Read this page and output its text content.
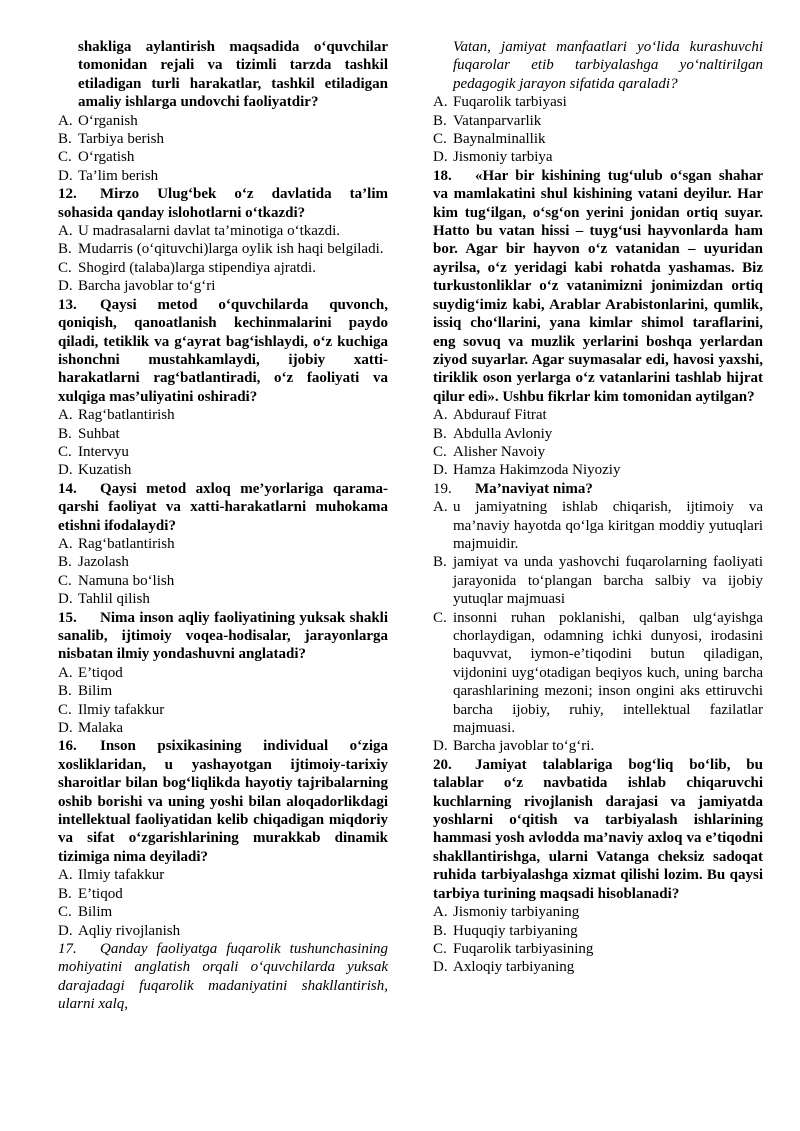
shakliga aylantirish maqsadida o‘quvchilar tomonidan rejali va tizimli tarzda tashkil etiladigan turli harakatlar, tashkil etiladigan amaliy ishlarga undovchi faoliyatdir?
A. O‘rganish
B. Tarbiya berish
C. O‘rgatish
D. Ta’lim berish
12. Mirzo Ulug‘bek o‘z davlatida ta’lim sohasida qanday islohotlarni o‘tkazdi?
A. U madrasalarni davlat ta’minotiga o‘tkazdi.
B. Mudarris (o‘qituvchi)larga oylik ish haqi belgiladi.
C. Shogird (talaba)larga stipendiya ajratdi.
D. Barcha javoblar to‘g‘ri
13. Qaysi metod o‘quvchilarda quvonch, qoniqish, qanoatlanish kechinmalarini paydo qiladi, tetiklik va g‘ayrat bag‘ishlaydi, o‘z kuchiga ishonchni mustahkamlaydi, ijobiy xatti-harakatlarni rag‘batlantiradi, o‘z faoliyati va xulqiga mas’uliyatini oshiradi?
A. Rag‘batlantirish
B. Suhbat
C. Intervyu
D. Kuzatish
14. Qaysi metod axloq me’yorlariga qarama-qarshi faoliyat va xatti-harakatlarni muhokama etishni ifodalaydi?
A. Rag‘batlantirish
B. Jazolash
C. Namuna bo‘lish
D. Tahlil qilish
15. Nima inson aqliy faoliyatining yuksak shakli sanalib, ijtimoiy voqea-hodisalar, jarayonlarga nisbatan ilmiy yondashuvni anglatadi?
A. E’tiqod
B. Bilim
C. Ilmiy tafakkur
D. Malaka
16. Inson psixikasining individual o‘ziga xosliklaridan, u yashayotgan ijtimoiy-tarixiy sharoitlar bilan bog‘liqlikda hayotiy tajribalarning oshib borishi va uning yoshi bilan aloqadorlikdagi intellektual faoliyatidan kelib chiqadigan miqdoriy va sifat o‘zgarishlarining murakkab dinamik tizimiga nima deyiladi?
A. Ilmiy tafakkur
B. E’tiqod
C. Bilim
D. Aqliy rivojlanish
17. Qanday faoliyatga fuqarolik tushunchasining mohiyatini anglatish orqali o‘quvchilarda yuksak darajadagi fuqarolik madaniyatini shakllantirish, ularni xalq,
Vatan, jamiyat manfaatlari yo‘lida kurashuvchi fuqarolar etib tarbiyalashga yo‘naltirilgan pedagogik jarayon sifatida qaraladi?
A. Fuqarolik tarbiyasi
B. Vatanparvarlik
C. Baynalminallik
D. Jismoniy tarbiya
18. «Har bir kishining tug‘ulub o‘sgan shahar va mamlakatini shul kishining vatani deyilur. Har kim tug‘ilgan, o‘sg‘on yerini jonidan ortiq suyar. Hatto bu vatan hissi – tuyg‘usi hayvonlarda ham bor. Agar bir hayvon o‘z vatanidan – uyuridan ayrilsa, o‘z yeridagi kabi rohatda yashamas. Biz turkustonliklar o‘z vatanimizni jonimizdan ortiq suydig‘imiz kabi, Arablar Arabistonlarini, qumlik, issiq cho‘llarini, yana kimlar shimol taraflarini, eng sovuq va muzlik yerlarini boshqa yerlardan ziyod suyarlar. Agar suymasalar edi, havosi yaxshi, tiriklik oson yerlarga o‘z vatanlarini tashlab hijrat qilur edi». Ushbu fikrlar kim tomonidan aytilgan?
A. Abdurauf Fitrat
B. Abdulla Avloniy
C. Alisher Navoiy
D. Hamza Hakimzoda Niyoziy
19. Ma’naviyat nima?
A. u jamiyatning ishlab chiqarish, ijtimoiy va ma’naviy hayotda qo‘lga kiritgan moddiy yutuqlari majmuidir.
B. jamiyat va unda yashovchi fuqarolarning faoliyati jarayonida to‘plangan barcha salbiy va ijobiy yutuqlar majmuasi
C. insonni ruhan poklanishi, qalban ulg‘ayishga chorlaydigan, odamning ichki dunyosi, irodasini baquvvat, iymon-e’tiqodini butun qiladigan, vijdonini uyg‘otadigan beqiyos kuch, uning barcha qarashlarining mezoni; inson ongini aks ettiruvchi barcha ijobiy, ruhiy, intellektual fazilatlar majmuasi.
D. Barcha javoblar to‘g‘ri.
20. Jamiyat talablariga bog‘liq bo‘lib, bu talablar o‘z navbatida ishlab chiqaruvchi kuchlarning rivojlanish darajasi va jamiyatda yoshlarni o‘qitish va tarbiyalash ishlarining hammasi yosh avlodda ma’naviy axloq va e’tiqodni shakllantirishga, ularni Vatanga cheksiz sadoqat ruhida tarbiyalashga xizmat qilishi lozim. Bu qaysi tarbiya turining maqsadi hisoblanadi?
A. Jismoniy tarbiyaning
B. Huquqiy tarbiyaning
C. Fuqarolik tarbiyasining
D. Axloqiy tarbiyaning
